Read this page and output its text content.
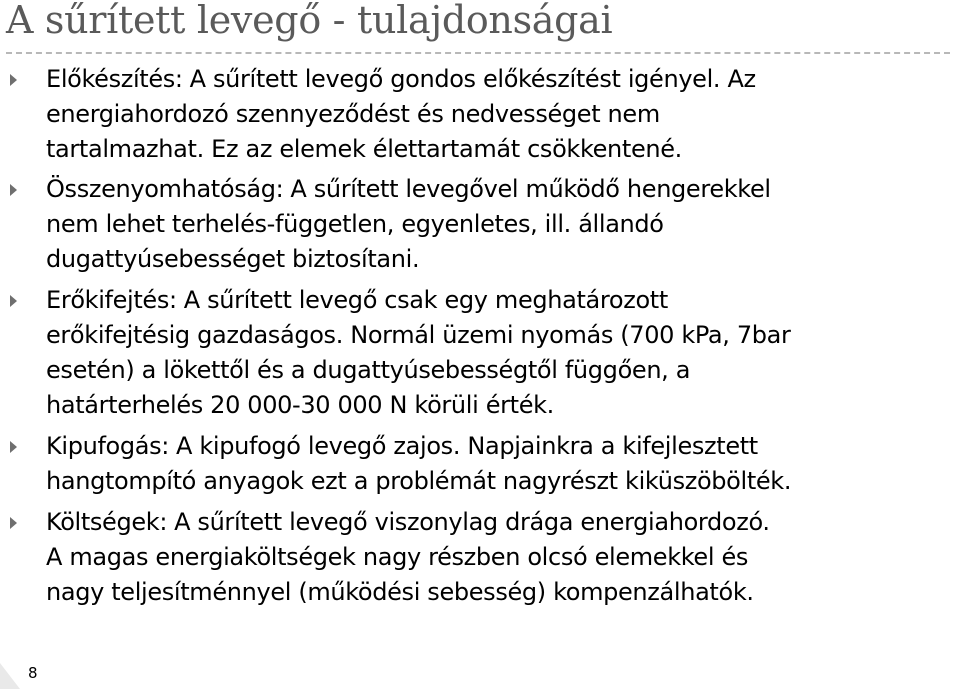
A sűrített levegő - tulajdonságai
Előkészítés: A sűrített levegő gondos előkészítést igényel. Az
energiahordozó szennyeződést és nedvességet nem
tartalmazhat. Ez az elemek élettartamát csökkentené.
Összenyomhatóság: A sűrített levegővel működő hengerekkel
nem lehet terhelés-független, egyenletes, ill. állandó
dugattyúsebességet biztosítani.
Erőkifejtés: A sűrített levegő csak egy meghatározott
erőkifejtésig gazdaságos. Normál üzemi nyomás (700 kPa, 7bar
esetén) a lökettől és a dugattyúsebességtől függően, a
határterhelés 20 000-30 000 N körüli érték.
Kipufogás: A kipufogó levegő zajos. Napjainkra a kifejlesztett
hangtompító anyagok ezt a problémát nagyrészt kiküszöbölték.
Költségek: A sűrített levegő viszonylag drága energiahordozó.
A magas energiaköltségek nagy részben olcsó elemekkel és
nagy teljesítménnyel (működési sebesség) kompenzálhatók.
8
